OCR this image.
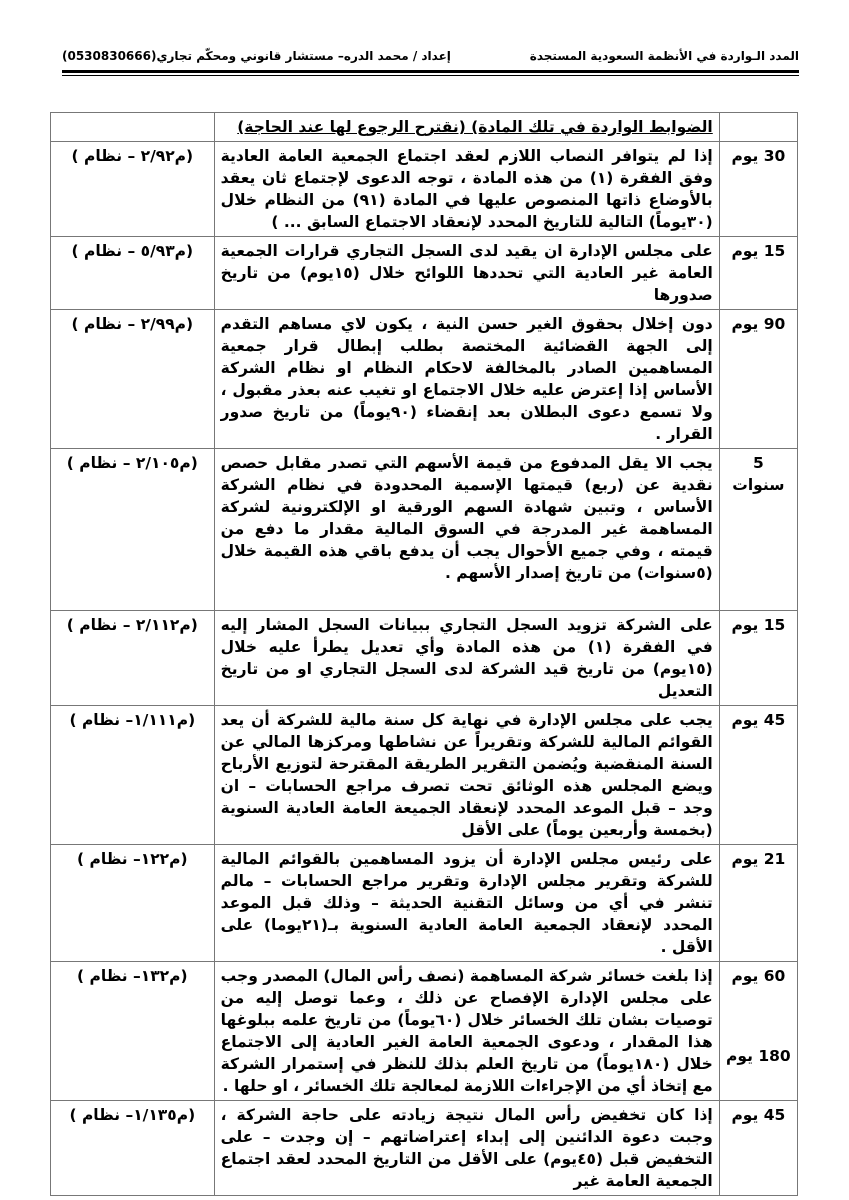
المدد الـواردة في الأنظمة السعودية المستجدة
إعداد / محمد الدره– مستشار قانوني ومحكّم تجاري(0530830666)
	الضوابط الواردة في تلك المادة) (نقترح الرجوع لها عند الحاجة)	
30 يوم	إذا لم يتوافر النصاب اللازم لعقد اجتماع الجمعية العامة العادية وفق الفقرة (١) من هذه المادة ، توجه الدعوى لإجتماع ثان يعقد بالأوضاع ذاتها المنصوص عليها في المادة (٩١) من النظام خلال (٣٠يوماً) التالية للتاريخ المحدد لإنعقاد الاجتماع السابق ... )	(م٢/٩٢ – نظام )
15 يوم	على مجلس الإدارة ان يقيد لدى السجل التجاري قرارات الجمعية العامة غير العادية التي تحددها اللوائح خلال (١٥يوم) من تاريخ صدورها	(م٥/٩٣ – نظام )
90 يوم	دون إخلال بحقوق الغير حسن النية ، يكون لاي مساهم التقدم إلى الجهة القضائية المختصة بطلب إبطال قرار جمعية المساهمين الصادر بالمخالفة لاحكام النظام او نظام الشركة الأساس إذا إعترض عليه خلال الاجتماع او تغيب عنه بعذر مقبول ، ولا تسمع دعوى البطلان بعد إنقضاء (٩٠يوماً) من تاريخ صدور القرار .	(م٢/٩٩ – نظام )

5
سنوات	يجب الا يقل المدفوع من قيمة الأسهم التي تصدر مقابل حصص نقدية عن (ربع) قيمتها الإسمية المحدودة في نظام الشركة الأساس ، وتبين شهادة السهم الورقية او الإلكترونية لشركة المساهمة غير المدرجة في السوق المالية مقدار ما دفع من قيمته ، وفي جميع الأحوال يجب أن يدفع باقي هذه القيمة خلال (٥سنوات) من تاريخ إصدار الأسهم .	(م٢/١٠٥ – نظام )
15 يوم	على الشركة تزويد السجل التجاري ببيانات السجل المشار إليه في الفقرة (١) من هذه المادة وأي تعديل يطرأ عليه خلال (١٥يوم) من تاريخ قيد الشركة لدى السجل التجاري او من تاريخ التعديل	(م٢/١١٢ – نظام )
45 يوم	يجب على مجلس الإدارة في نهاية كل سنة مالية للشركة أن يعد القوائم المالية للشركة وتقريراً عن نشاطها ومركزها المالي عن السنة المنقضية ويُضمن التقرير الطريقة المقترحة لتوزيع الأرباح ويضع المجلس هذه الوثائق تحت تصرف مراجع الحسابات – ان وجد – قبل الموعد المحدد لإنعقاد الجميعة العامة العادية السنوية (بخمسة وأربعين يوماً) على الأقل	(م١/١١١– نظام )
21 يوم	على رئيس مجلس الإدارة أن يزود المساهمين بالقوائم المالية للشركة وتقرير مجلس الإدارة وتقرير مراجع الحسابات – مالم تنشر في أي من وسائل التقنية الحديثة – وذلك قبل الموعد المحدد لإنعقاد الجمعية العامة العادية السنوية بـ(٢١يوما) على الأقل .	(م١٢٢– نظام )

60 يوم
180 يوم	إذا بلغت خسائر شركة المساهمة (نصف رأس المال) المصدر وجب على مجلس الإدارة الإفصاح عن ذلك ، وعما توصل إليه من توصيات بشان تلك الخسائر خلال (٦٠يوماً) من تاريخ علمه ببلوغها هذا المقدار ، ودعوى الجمعية العامة الغير العادية إلى الاجتماع خلال (١٨٠يوماً) من تاريخ العلم بذلك للنظر في إستمرار الشركة مع إتخاذ أي من الإجراءات اللازمة لمعالجة تلك الخسائر ، او حلها .	(م١٣٢– نظام )
45 يوم	إذا كان تخفيض رأس المال نتيجة زيادته على حاجة الشركة ، وجبت دعوة الدائنين إلى إبداء إعتراضاتهم – إن وجدت – على التخفيض قبل (٤٥يوم) على الأقل من التاريخ المحدد لعقد اجتماع الجمعية العامة غير	(م١/١٣٥– نظام )
